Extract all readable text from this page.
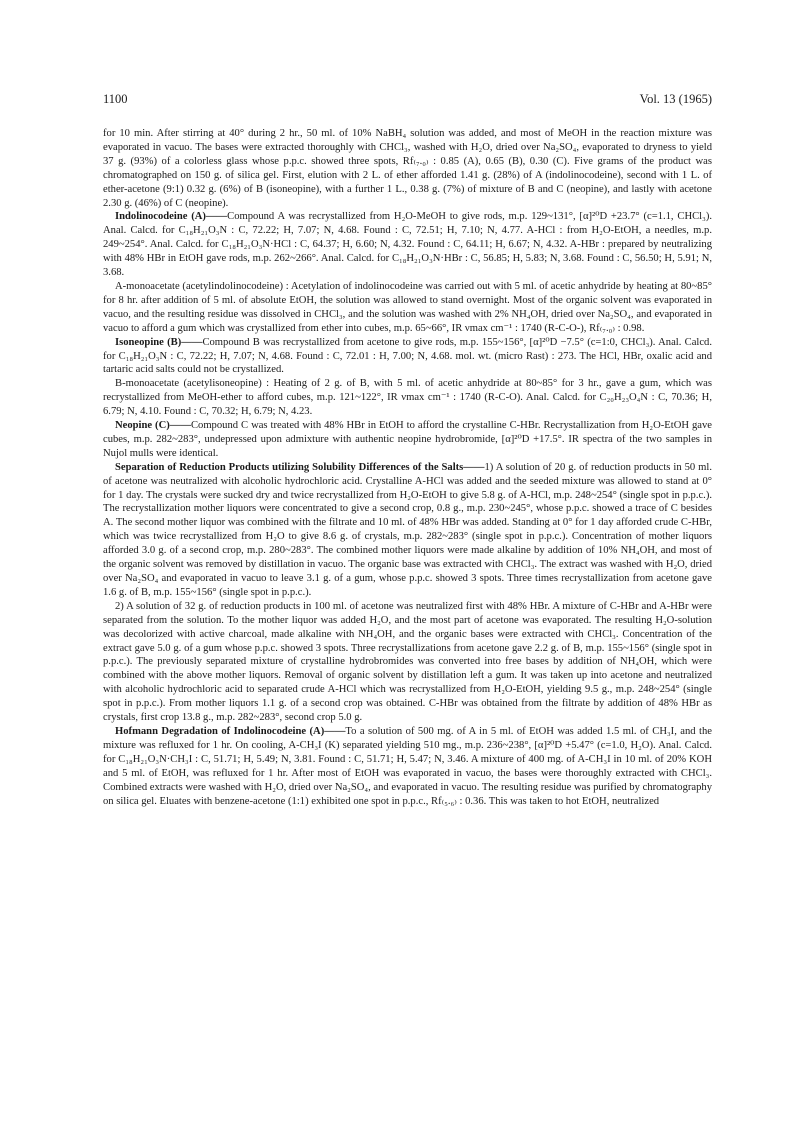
1100	Vol. 13 (1965)

for 10 min. After stirring at 40° during 2 hr., 50 ml. of 10% NaBH₄ solution was added, and most of MeOH in the reaction mixture was evaporated in vacuo. The bases were extracted thoroughly with CHCl₃, washed with H₂O, dried over Na₂SO₄, evaporated to dryness to yield 37 g. (93%) of a colorless glass whose p.p.c. showed three spots, Rf₍₇.₀₎ : 0.85 (A), 0.65 (B), 0.30 (C). Five grams of the product was chromatographed on 150 g. of silica gel. First, elution with 2 L. of ether afforded 1.41 g. (28%) of A (indolinocodeine), second with 1 L. of ether-acetone (9:1) 0.32 g. (6%) of B (isoneopine), with a further 1 L., 0.38 g. (7%) of mixture of B and C (neopine), and lastly with acetone 2.30 g. (46%) of C (neopine).

Indolinocodeine (A)——Compound A was recrystallized from H₂O-MeOH to give rods, m.p. 129~131°, [α]²⁰D +23.7° (c=1.1, CHCl₃). Anal. Calcd. for C₁₈H₂₁O₃N : C, 72.22; H, 7.07; N, 4.68. Found : C, 72.51; H, 7.10; N, 4.77. A-HCl : from H₂O-EtOH, a needles, m.p. 249~254°. Anal. Calcd. for C₁₈H₂₁O₃N·HCl : C, 64.37; H, 6.60; N, 4.32. Found : C, 64.11; H, 6.67; N, 4.32. A-HBr : prepared by neutralizing with 48% HBr in EtOH gave rods, m.p. 262~266°. Anal. Calcd. for C₁₈H₂₁O₃N·HBr : C, 56.85; H, 5.83; N, 3.68. Found : C, 56.50; H, 5.91; N, 3.68.

A-monoacetate (acetylindolinocodeine) : Acetylation of indolinocodeine was carried out with 5 ml. of acetic anhydride by heating at 80~85° for 8 hr. after addition of 5 ml. of absolute EtOH, the solution was allowed to stand overnight. Most of the organic solvent was evaporated in vacuo, and the resulting residue was dissolved in CHCl₃, and the solution was washed with 2% NH₄OH, dried over Na₂SO₄, and evaporated in vacuo to afford a gum which was crystallized from ether into cubes, m.p. 65~66°, IR νmax cm⁻¹ : 1740 (R-C-O-), Rf₍₇.₀₎ : 0.98.

Isoneopine (B)——Compound B was recrystallized from acetone to give rods, m.p. 155~156°, [α]²⁰D −7.5° (c=1:0, CHCl₃). Anal. Calcd. for C₁₈H₂₁O₃N : C, 72.22; H, 7.07; N, 4.68. Found : C, 72.01 : H, 7.00; N, 4.68. mol. wt. (micro Rast) : 273. The HCl, HBr, oxalic acid and tartaric acid salts could not be crystallized.

B-monoacetate (acetylisoneopine) : Heating of 2 g. of B, with 5 ml. of acetic anhydride at 80~85° for 3 hr., gave a gum, which was recrystallized from MeOH-ether to afford cubes, m.p. 121~122°, IR νmax cm⁻¹ : 1740 (R-C-O). Anal. Calcd. for C₂₀H₂₃O₄N : C, 70.36; H, 6.79; N, 4.10. Found : C, 70.32; H, 6.79; N, 4.23.

Neopine (C)——Compound C was treated with 48% HBr in EtOH to afford the crystalline C-HBr. Recrystallization from H₂O-EtOH gave cubes, m.p. 282~283°, undepressed upon admixture with authentic neopine hydrobromide, [α]²⁰D +17.5°. IR spectra of the two samples in Nujol mulls were identical.

Separation of Reduction Products utilizing Solubility Differences of the Salts——1) A solution of 20 g. of reduction products in 50 ml. of acetone was neutralized with alcoholic hydrochloric acid. Crystalline A-HCl was added and the seeded mixture was allowed to stand at 0° for 1 day. The crystals were sucked dry and twice recrystallized from H₂O-EtOH to give 5.8 g. of A-HCl, m.p. 248~254° (single spot in p.p.c.). The recrystallization mother liquors were concentrated to give a second crop, 0.8 g., m.p. 230~245°, whose p.p.c. showed a trace of C besides A. The second mother liquor was combined with the filtrate and 10 ml. of 48% HBr was added. Standing at 0° for 1 day afforded crude C-HBr, which was twice recrystallized from H₂O to give 8.6 g. of crystals, m.p. 282~283° (single spot in p.p.c.). Concentration of mother liquors afforded 3.0 g. of a second crop, m.p. 280~283°. The combined mother liquors were made alkaline by addition of 10% NH₄OH, and most of the organic solvent was removed by distillation in vacuo. The organic base was extracted with CHCl₃. The extract was washed with H₂O, dried over Na₂SO₄ and evaporated in vacuo to leave 3.1 g. of a gum, whose p.p.c. showed 3 spots. Three times recrystallization from acetone gave 1.6 g. of B, m.p. 155~156° (single spot in p.p.c.).

2) A solution of 32 g. of reduction products in 100 ml. of acetone was neutralized first with 48% HBr. A mixture of C-HBr and A-HBr were separated from the solution. To the mother liquor was added H₂O, and the most part of acetone was evaporated. The resulting H₂O-solution was decolorized with active charcoal, made alkaline with NH₄OH, and the organic bases were extracted with CHCl₃. Concentration of the extract gave 5.0 g. of a gum whose p.p.c. showed 3 spots. Three recrystallizations from acetone gave 2.2 g. of B, m.p. 155~156° (single spot in p.p.c.). The previously separated mixture of crystalline hydrobromides was converted into free bases by addition of NH₄OH, which were combined with the above mother liquors. Removal of organic solvent by distillation left a gum. It was taken up into acetone and neutralized with alcoholic hydrochloric acid to separated crude A-HCl which was recrystallized from H₂O-EtOH, yielding 9.5 g., m.p. 248~254° (single spot in p.p.c.). From mother liquors 1.1 g. of a second crop was obtained. C-HBr was obtained from the filtrate by addition of 48% HBr as crystals, first crop 13.8 g., m.p. 282~283°, second crop 5.0 g.

Hofmann Degradation of Indolinocodeine (A)——To a solution of 500 mg. of A in 5 ml. of EtOH was added 1.5 ml. of CH₃I, and the mixture was refluxed for 1 hr. On cooling, A-CH₃I (K) separated yielding 510 mg., m.p. 236~238°, [α]²⁰D +5.47° (c=1.0, H₂O). Anal. Calcd. for C₁₈H₂₁O₃N·CH₃I : C, 51.71; H, 5.49; N, 3.81. Found : C, 51.71; H, 5.47; N, 3.46. A mixture of 400 mg. of A-CH₃I in 10 ml. of 20% KOH and 5 ml. of EtOH, was refluxed for 1 hr. After most of EtOH was evaporated in vacuo, the bases were thoroughly extracted with CHCl₃. Combined extracts were washed with H₂O, dried over Na₂SO₄, and evaporated in vacuo. The resulting residue was purified by chromatography on silica gel. Eluates with benzene-acetone (1:1) exhibited one spot in p.p.c., Rf₍₅.₆₎ : 0.36. This was taken to hot EtOH, neutralized
